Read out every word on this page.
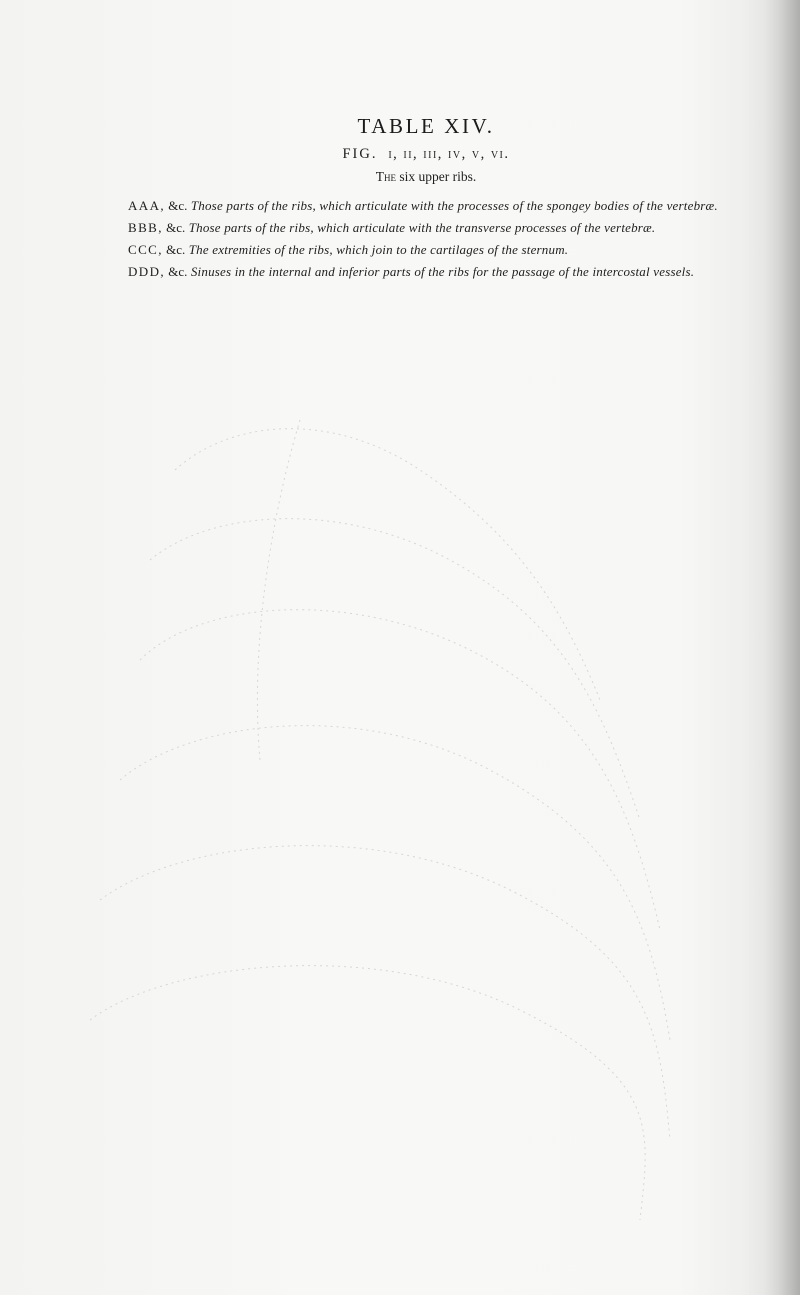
TABLE XIV.
FIG. i, ii, iii, iv, v, vi.
The six upper ribs.
AAA, &c. Those parts of the ribs, which articulate with the processes of the spongey bodies of the vertebræ.
BBB, &c. Those parts of the ribs, which articulate with the transverse processes of the vertebræ.
CCC, &c. The extremities of the ribs, which join to the cartilages of the sternum.
DDD, &c. Sinuses in the internal and inferior parts of the ribs for the passage of the intercostal vessels.
